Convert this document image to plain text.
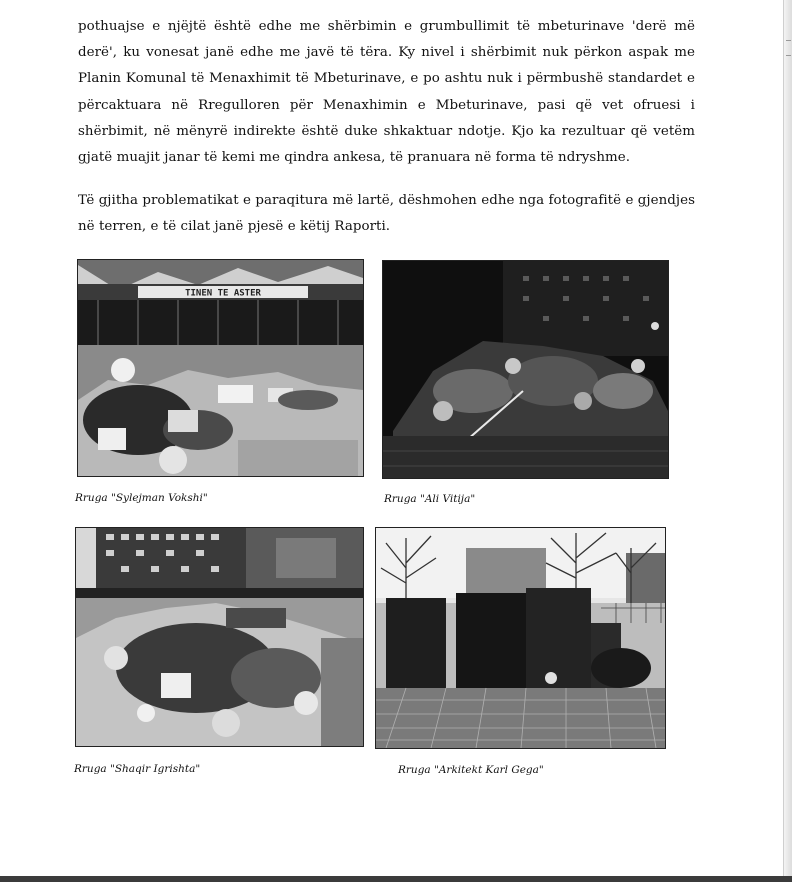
pothuajse e njëjtë është edhe me shërbimin e grumbullimit të mbeturinave 'derë më derë', ku vonesat janë edhe me javë të tëra. Ky nivel i shërbimit nuk përkon aspak me Planin Komunal të Menaxhimit të Mbeturinave, e po ashtu nuk i përmbushë standardet e përcaktuara në Rregulloren për Menaxhimin e Mbeturinave, pasi që vet ofruesi i shërbimit, në mënyrë indirekte është duke shkaktuar ndotje. Kjo ka rezultuar që vetëm gjatë muajit janar të kemi me qindra ankesa, të pranuara në forma të ndryshme.

Të gjitha problematikat e paraqitura më lartë, dëshmohen edhe nga fotografitë e gjendjes në terren, e të cilat janë pjesë e këtij Raporti.

TINEN TE ASTER
Rruga "Sylejman Vokshi"	Rruga "Ali Vitija"
Rruga "Shaqir Igrishta"	Rruga "Arkitekt Karl Gega"
